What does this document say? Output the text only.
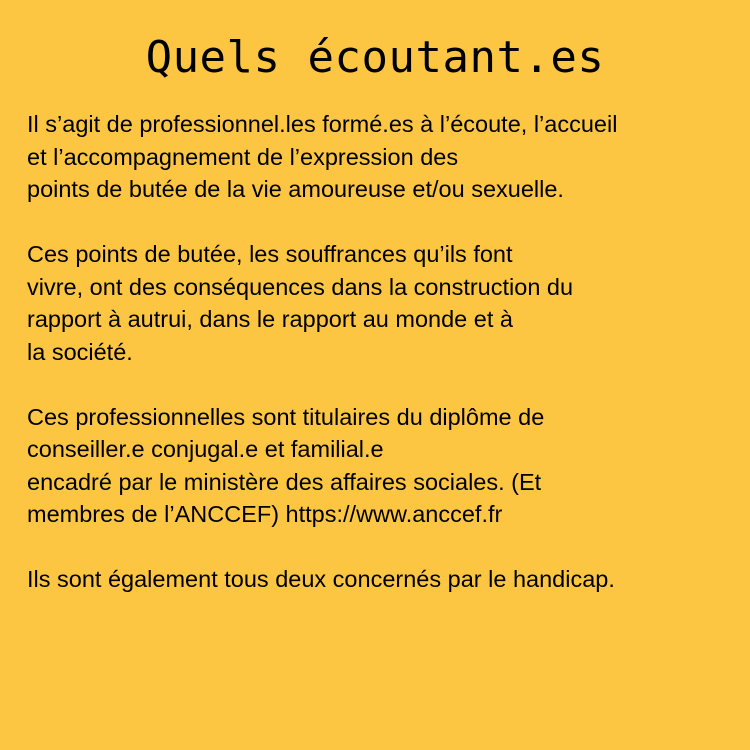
Quels écoutant.es

Il s’agit de professionnel.les formé.es à l’écoute, l’accueil
et l’accompagnement de l’expression des
points de butée de la vie amoureuse et/ou sexuelle.

Ces points de butée, les souffrances qu’ils font
vivre, ont des conséquences dans la construction du
rapport à autrui, dans le rapport au monde et à
la société.

Ces professionnelles sont titulaires du diplôme de
conseiller.e conjugal.e et familial.e
encadré par le ministère des affaires sociales. (Et
membres de l’ANCCEF) https://www.anccef.fr

Ils sont également tous deux concernés par le handicap.
